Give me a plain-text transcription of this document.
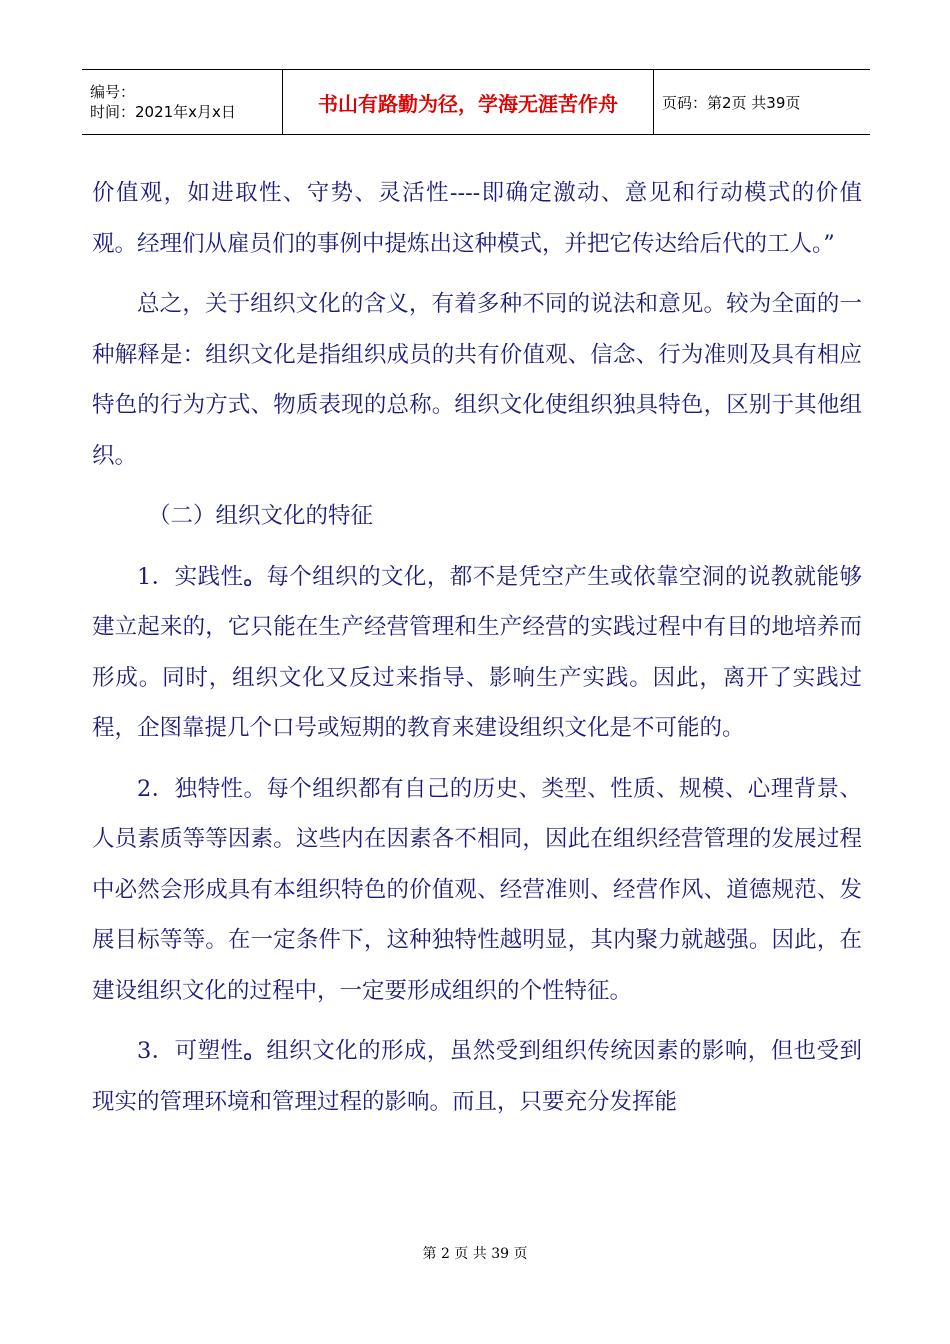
编号：
时间：2021年x月x日	书山有路勤为径，学海无涯苦作舟	页码：第2页 共39页

价值观，如进取性、守势、灵活性----即确定激动、意见和行动模式的价值观。经理们从雇员们的事例中提炼出这种模式，并把它传达给后代的工人。”

总之，关于组织文化的含义，有着多种不同的说法和意见。较为全面的一种解释是：组织文化是指组织成员的共有价值观、信念、行为准则及具有相应特色的行为方式、物质表现的总称。组织文化使组织独具特色，区别于其他组织。

（二）组织文化的特征

1．实践性。每个组织的文化，都不是凭空产生或依靠空洞的说教就能够建立起来的，它只能在生产经营管理和生产经营的实践过程中有目的地培养而形成。同时，组织文化又反过来指导、影响生产实践。因此，离开了实践过程，企图靠提几个口号或短期的教育来建设组织文化是不可能的。

2．独特性。每个组织都有自己的历史、类型、性质、规模、心理背景、人员素质等等因素。这些内在因素各不相同，因此在组织经营管理的发展过程中必然会形成具有本组织特色的价值观、经营准则、经营作风、道德规范、发展目标等等。在一定条件下，这种独特性越明显，其内聚力就越强。因此，在建设组织文化的过程中，一定要形成组织的个性特征。

3．可塑性。组织文化的形成，虽然受到组织传统因素的影响，但也受到现实的管理环境和管理过程的影响。而且，只要充分发挥能

第 2 页 共 39 页
